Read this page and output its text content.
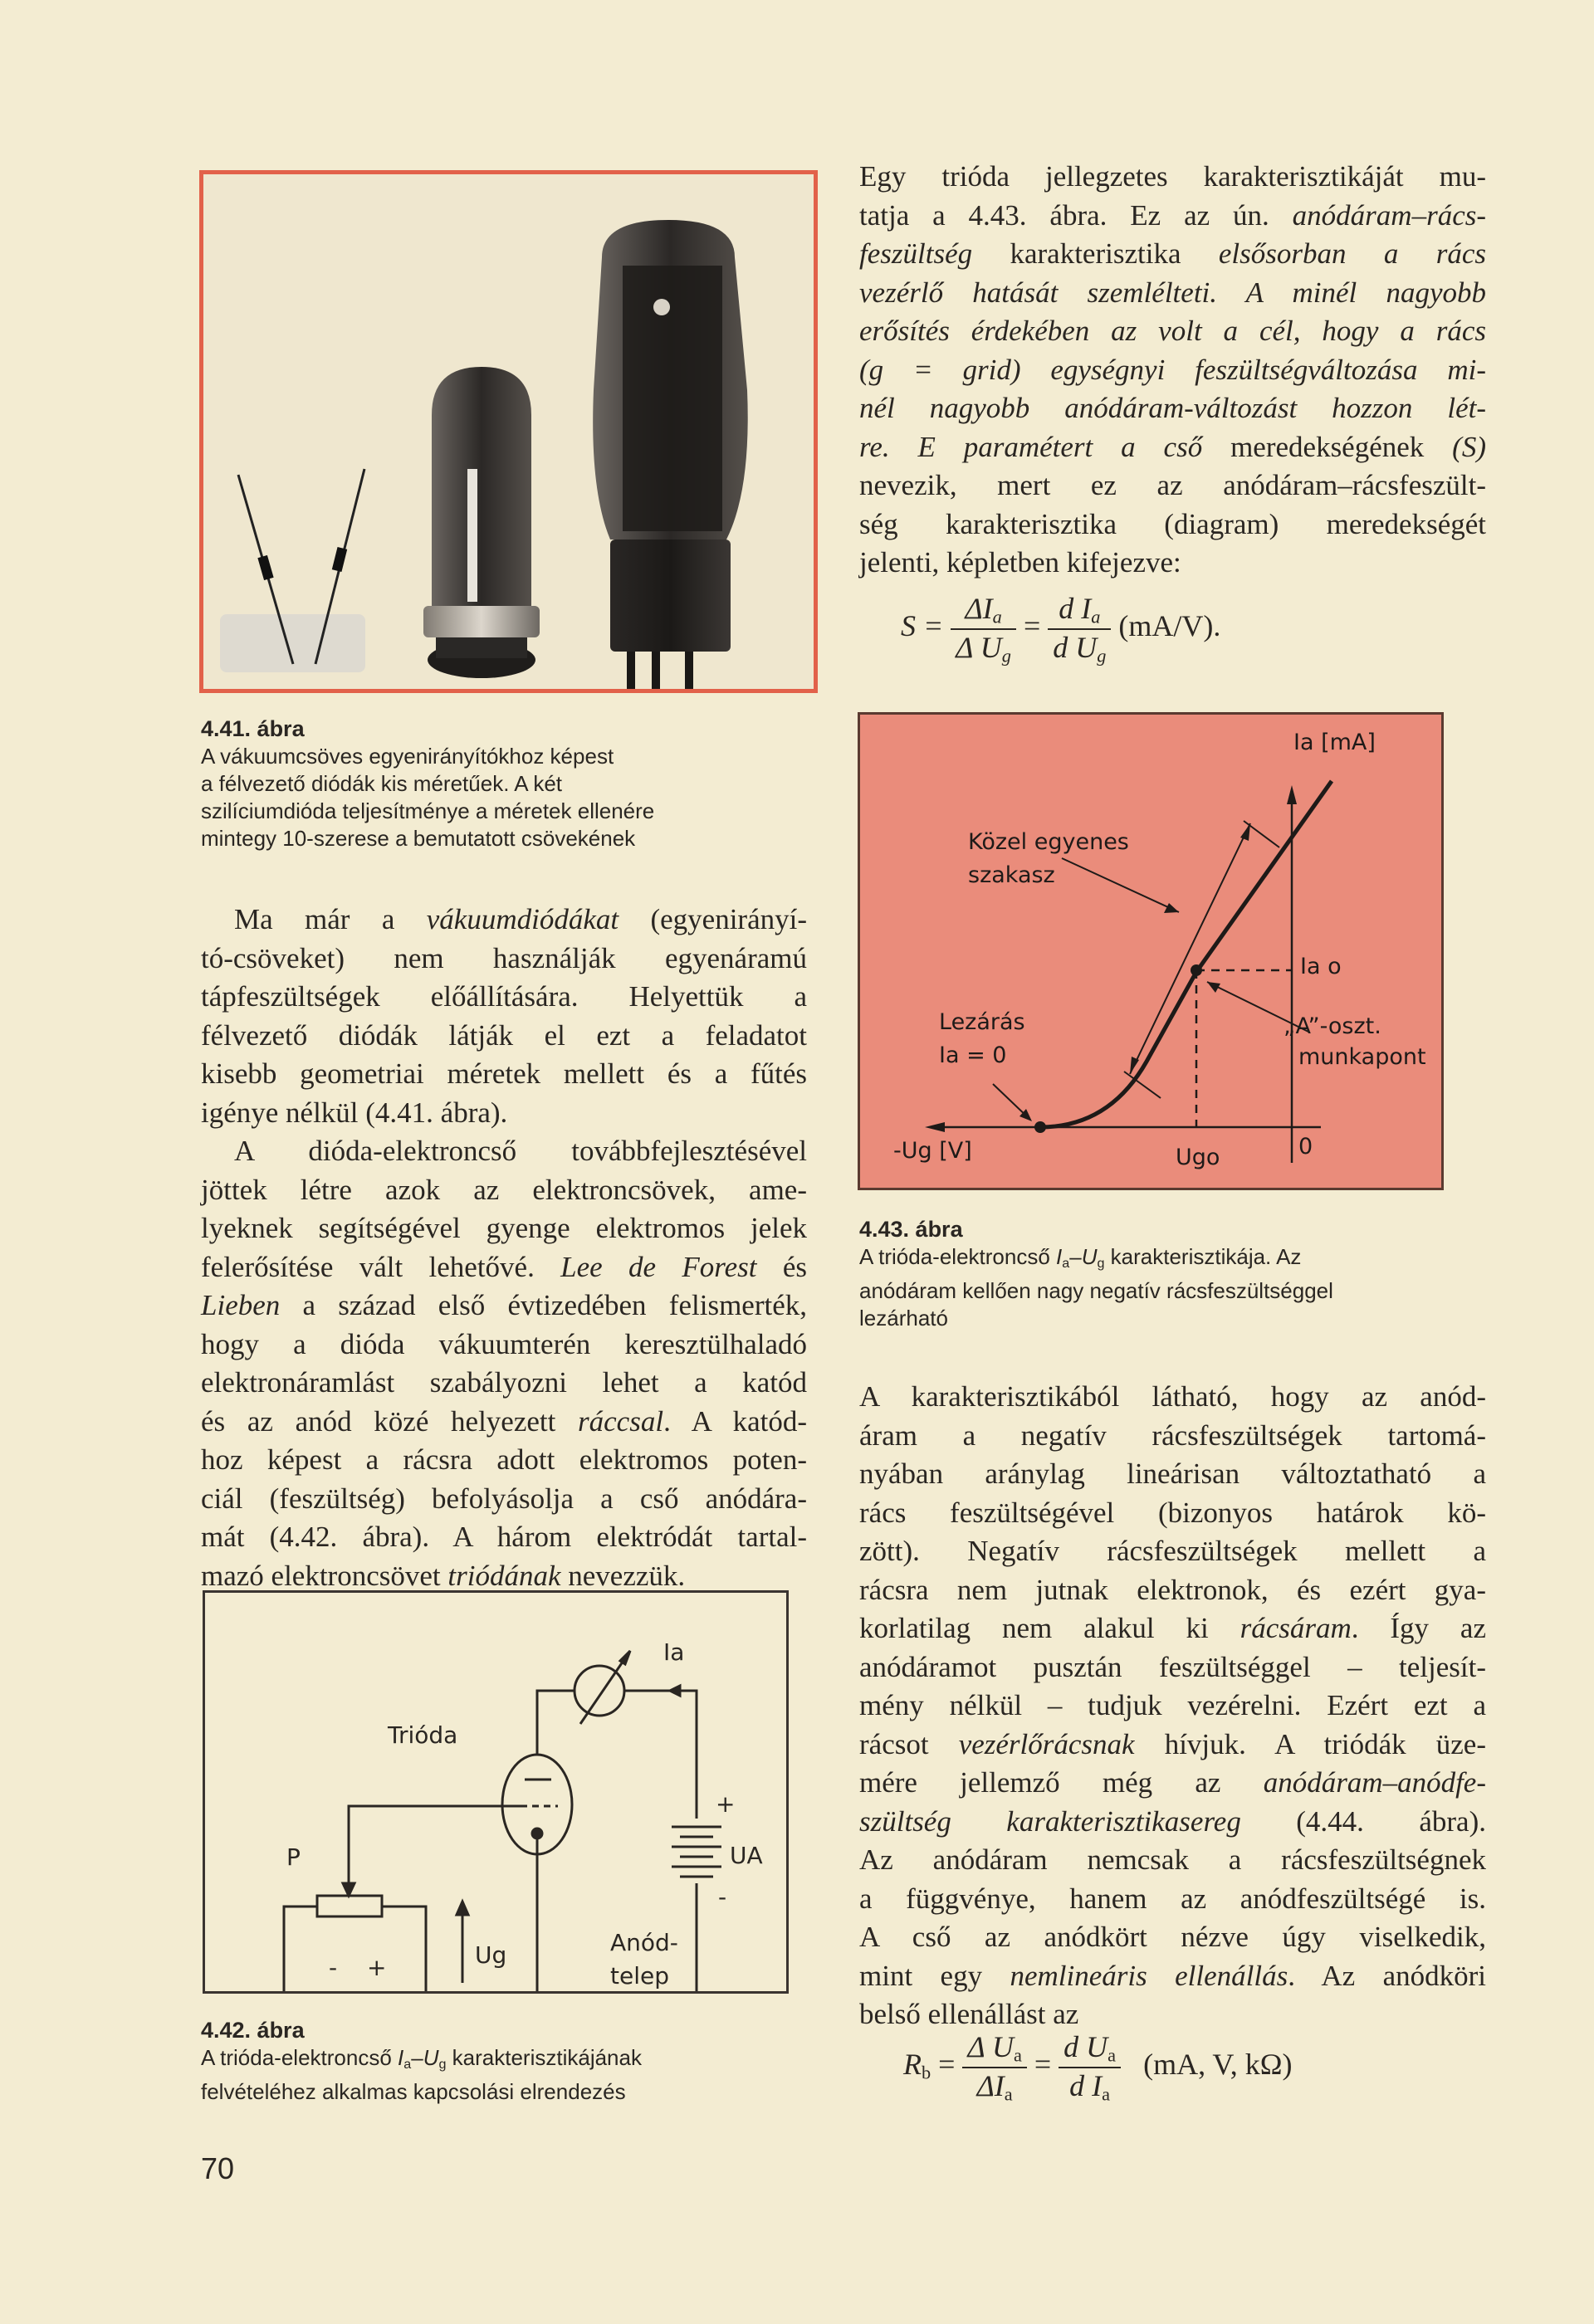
4.41. ábra
A vákuumcsöves egyenirányítókhoz képest
a félvezető diódák kis méretűek. A két
szilíciumdióda teljesítménye a méretek ellenére
mintegy 10-szerese a bemutatott csövekének
Ma már a vákuumdiódákat (egyenirányí-
tó-csöveket) nem használják egyenáramú
tápfeszültségek előállítására. Helyettük a
félvezető diódák látják el ezt a feladatot
kisebb geometriai méretek mellett és a fűtés
igénye nélkül (4.41. ábra).
A dióda-elektroncső továbbfejlesztésével
jöttek létre azok az elektroncsövek, ame-
lyeknek segítségével gyenge elektromos jelek
felerősítése vált lehetővé. Lee de Forest és
Lieben a század első évtizedében felismerték,
hogy a dióda vákuumterén keresztülhaladó
elektronáramlást szabályozni lehet a katód
és az anód közé helyezett ráccsal. A katód-
hoz képest a rácsra adott elektromos poten-
ciál (feszültség) befolyásolja a cső anódára-
mát (4.42. ábra). A három elektródát tartal-
mazó elektroncsövet triódának nevezzük.
Trióda
P
Ia
UA
Ug	Anód-
telep
+
-
4.42. ábra
A trióda-elektroncső $I_a-U_g$ karakterisztikájának
felvételéhez alkalmas kapcsolási elrendezés
70
Egy trióda jellegzetes karakterisztikáját mu-
tatja a 4.43. ábra. Ez az ún. anódáram–rács-
feszültség karakterisztika elsősorban a rács
vezérlő hatását szemlélteti. A minél nagyobb
erősítés érdekében az volt a cél, hogy a rács
(g = grid) egységnyi feszültségváltozása mi-
nél nagyobb anódáram-változást hozzon lét-
re. E paramétert a cső meredekségének (S)
nevezik, mert ez az anódáram–rácsfeszült-
ség karakterisztika (diagram) meredekségét
jelenti, képletben kifejezve:
$S = \frac{\Delta I_a}{\Delta U_g} = \frac{d I_a}{d U_g} (mA/V)$.
Ia [mA]
Közel egyenes
szakasz
Ia o
„A”-oszt.
munkapont
Lezárás
Ia = 0
-Ug [V]	Ugo	0
4.43. ábra
A trióda-elektroncső $I_a-U_g$ karakterisztikája. Az
anódáram kellően nagy negatív rácsfeszültséggel
lezárható
A karakterisztikából látható, hogy az anód-
áram a negatív rácsfeszültségek tartomá-
nyában aránylag lineárisan változtatható a
rács feszültségével (bizonyos határok kö-
zött). Negatív rácsfeszültségek mellett a
rácsra nem jutnak elektronok, és ezért gya-
korlatilag nem alakul ki rácsáram. Így az
anódáramot pusztán feszültséggel – teljesít-
mény nélkül – tudjuk vezérelni. Ezért ezt a
rácsot vezérlőrácsnak hívjuk. A triódák üze-
mére jellemző még az anódáram–anódfe-
szültség karakterisztikasereg (4.44. ábra).
Az anódáram nemcsak a rácsfeszültségnek
a függvénye, hanem az anódfeszültségé is.
A cső az anódkört nézve úgy viselkedik,
mint egy nemlineáris ellenállás. Az anódköri
belső ellenállást az
$R_b = \frac{\Delta U_a}{\Delta I_a} = \frac{d U_a}{d I_a} (mA$, V, kΩ)
- +
